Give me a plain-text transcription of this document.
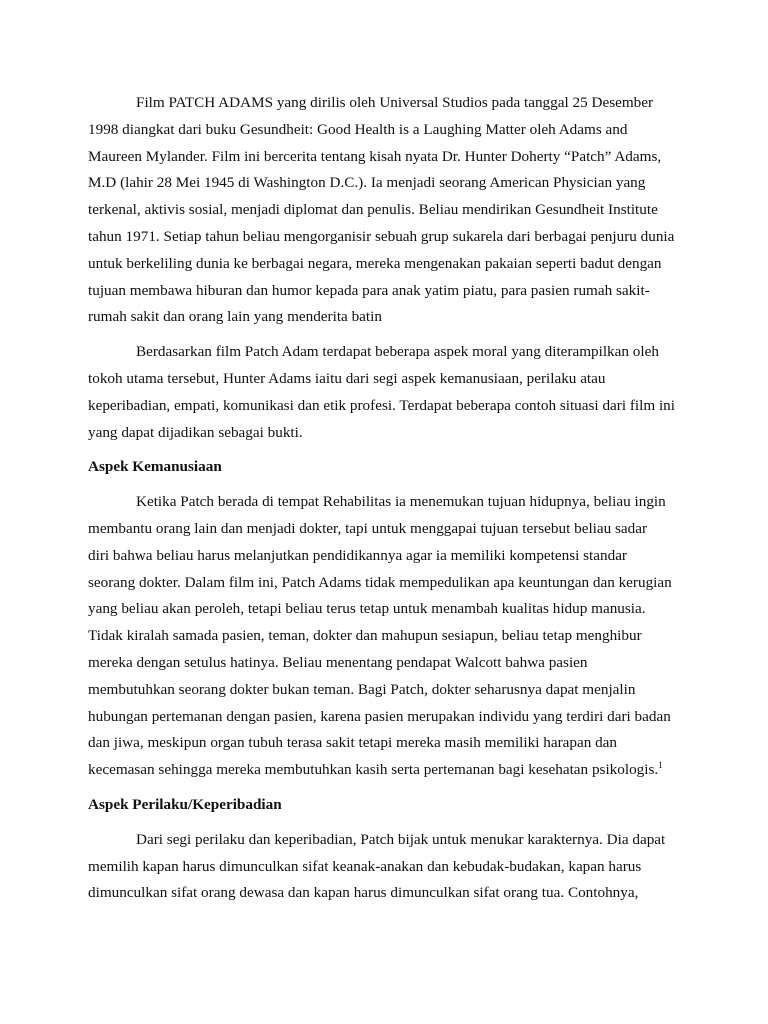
Film PATCH ADAMS yang dirilis oleh Universal Studios pada tanggal 25 Desember
1998 diangkat dari buku Gesundheit: Good Health is a Laughing Matter oleh Adams and
Maureen Mylander. Film ini bercerita tentang kisah nyata Dr. Hunter Doherty “Patch” Adams,
M.D (lahir 28 Mei 1945 di Washington D.C.). Ia menjadi seorang American Physician yang
terkenal, aktivis sosial, menjadi diplomat dan penulis. Beliau mendirikan Gesundheit Institute
tahun 1971. Setiap tahun beliau mengorganisir sebuah grup sukarela dari berbagai penjuru dunia
untuk berkeliling dunia ke berbagai negara, mereka mengenakan pakaian seperti badut dengan
tujuan membawa hiburan dan humor kepada para anak yatim piatu, para pasien rumah sakit-
rumah sakit dan orang lain yang menderita batin

Berdasarkan film Patch Adam terdapat beberapa aspek moral yang diterampilkan oleh
tokoh utama tersebut, Hunter Adams iaitu dari segi aspek kemanusiaan, perilaku atau
keperibadian, empati, komunikasi dan etik profesi. Terdapat beberapa contoh situasi dari film ini
yang dapat dijadikan sebagai bukti.

Aspek Kemanusiaan

Ketika Patch berada di tempat Rehabilitas ia menemukan tujuan hidupnya, beliau ingin
membantu orang lain dan menjadi dokter, tapi untuk menggapai tujuan tersebut beliau sadar
diri bahwa beliau harus melanjutkan pendidikannya agar ia memiliki kompetensi standar
seorang dokter. Dalam film ini, Patch Adams tidak mempedulikan apa keuntungan dan kerugian
yang beliau akan peroleh, tetapi beliau terus tetap untuk menambah kualitas hidup manusia.
Tidak kiralah samada pasien, teman, dokter dan mahupun sesiapun, beliau tetap menghibur
mereka dengan setulus hatinya. Beliau menentang pendapat Walcott bahwa pasien
membutuhkan seorang dokter bukan teman. Bagi Patch, dokter seharusnya dapat menjalin
hubungan pertemanan dengan pasien, karena pasien merupakan individu yang terdiri dari badan
dan jiwa, meskipun organ tubuh terasa sakit tetapi mereka masih memiliki harapan dan
kecemasan sehingga mereka membutuhkan kasih serta pertemanan bagi kesehatan psikologis.$^1$

Aspek Perilaku/Keperibadian

Dari segi perilaku dan keperibadian, Patch bijak untuk menukar karakternya. Dia dapat
memilih kapan harus dimunculkan sifat keanak-anakan dan kebudak-budakan, kapan harus
dimunculkan sifat orang dewasa dan kapan harus dimunculkan sifat orang tua. Contohnya,
